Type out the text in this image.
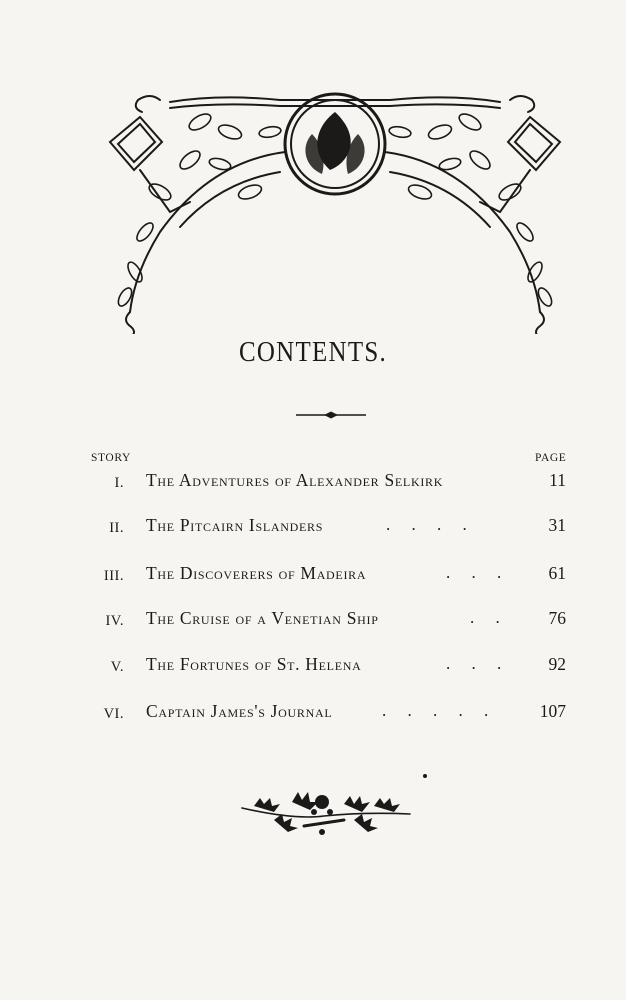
CONTENTS.
STORY	PAGE
I. The Adventures of Alexander Selkirk	11
II. The Pitcairn Islanders	. . . .	31
III. The Discoverers of Madeira	. . .	61
IV. The Cruise of a Venetian Ship	. .	76
V. The Fortunes of St. Helena	. . .	92
VI. Captain James's Journal	. . . . .	107
